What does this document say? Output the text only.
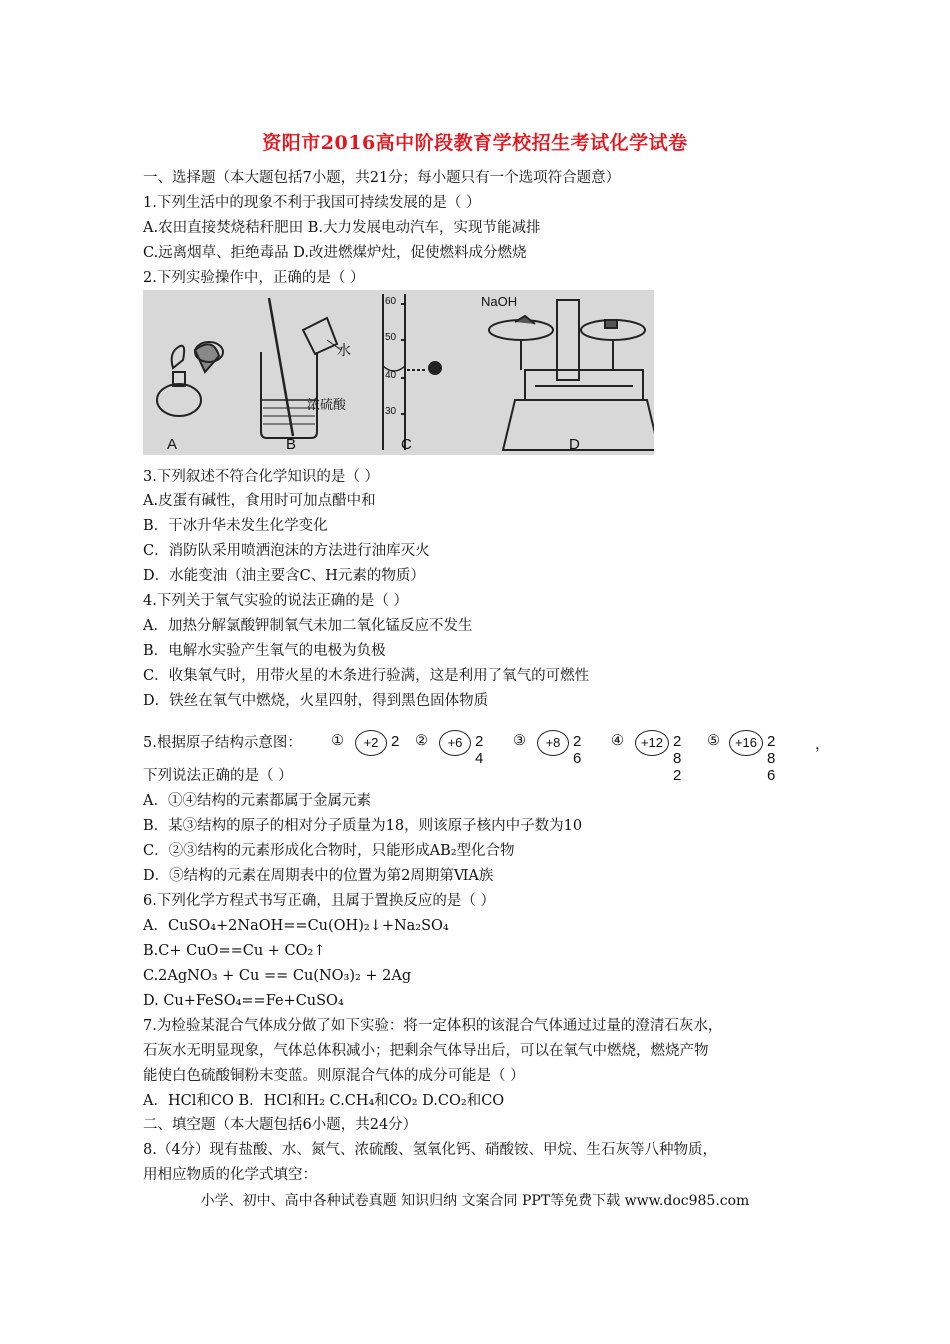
资阳市2016高中阶段教育学校招生考试化学试卷
一、选择题（本大题包括7小题，共21分；每小题只有一个选项符合题意）
1.下列生活中的现象不利于我国可持续发展的是（ ）
A.农田直接焚烧秸秆肥田 B.大力发展电动汽车，实现节能减排
C.远离烟草、拒绝毒品 D.改进燃煤炉灶，促使燃料成分燃烧
2.下列实验操作中，正确的是（ ）
A	B	C	D
水
浓硫酸
NaOH
60
50
40
30
3.下列叙述不符合化学知识的是（ ）
A.皮蛋有碱性，食用时可加点醋中和
B．干冰升华未发生化学变化
C．消防队采用喷洒泡沫的方法进行油库灭火
D．水能变油（油主要含C、H元素的物质）
4.下列关于氧气实验的说法正确的是（ ）
A．加热分解氯酸钾制氧气未加二氧化锰反应不发生
B．电解水实验产生氧气的电极为负极
C．收集氧气时，用带火星的木条进行验满，这是利用了氧气的可燃性
D．铁丝在氧气中燃烧，火星四射，得到黑色固体物质
5.根据原子结构示意图： ①	+2 2 ②	+6 2 4
③	+8 2 6
④	+12 2 8 2
⑤	+16 2 8 6
，
下列说法正确的是（ ）
A．①④结构的元素都属于金属元素
B．某③结构的原子的相对分子质量为18，则该原子核内中子数为10
C．②③结构的元素形成化合物时，只能形成AB₂型化合物
D．⑤结构的元素在周期表中的位置为第2周期第ⅥA族
6.下列化学方程式书写正确，且属于置换反应的是（ ）
A．CuSO₄+2NaOH==Cu(OH)₂↓+Na₂SO₄
B.C+ CuO==Cu + CO₂↑
C.2AgNO₃ + Cu == Cu(NO₃)₂ + 2Ag
D. Cu+FeSO₄==Fe+CuSO₄
7.为检验某混合气体成分做了如下实验：将一定体积的该混合气体通过过量的澄清石灰水，
石灰水无明显现象，气体总体积减小；把剩余气体导出后，可以在氧气中燃烧，燃烧产物
能使白色硫酸铜粉末变蓝。则原混合气体的成分可能是（ ）
A．HCl和CO B．HCl和H₂ C.CH₄和CO₂ D.CO₂和CO
二、填空题（本大题包括6小题，共24分）
8.（4分）现有盐酸、水、氮气、浓硫酸、氢氧化钙、硝酸铵、甲烷、生石灰等八种物质，
用相应物质的化学式填空：
小学、初中、高中各种试卷真题 知识归纳 文案合同 PPT等免费下载 www.doc985.com
